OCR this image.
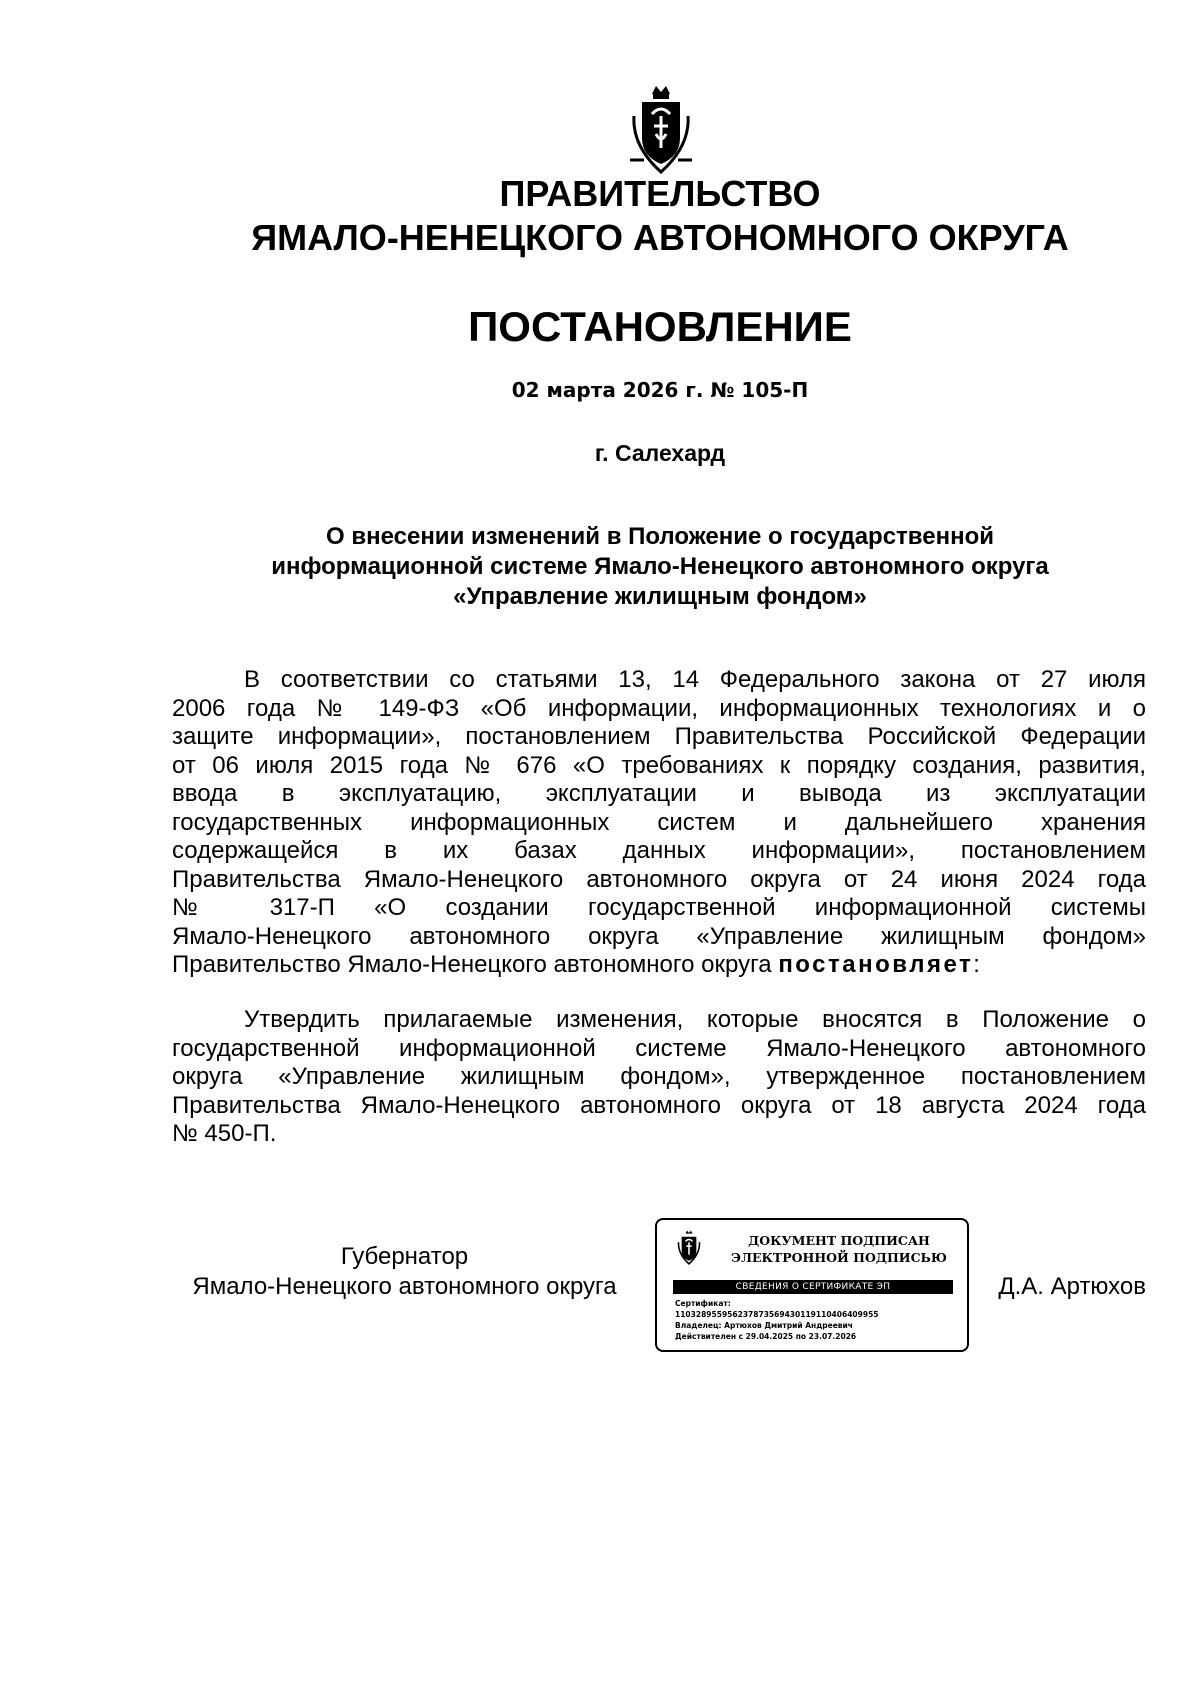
ПРАВИТЕЛЬСТВО
ЯМАЛО-НЕНЕЦКОГО АВТОНОМНОГО ОКРУГА
ПОСТАНОВЛЕНИЕ
02 марта 2026 г. № 105-П
г. Салехард
О внесении изменений в Положение о государственной
информационной системе Ямало-Ненецкого автономного округа
«Управление жилищным фондом»
В соответствии со статьями 13, 14 Федерального закона от 27 июля
2006 года № 149-ФЗ «Об информации, информационных технологиях и о
защите информации», постановлением Правительства Российской Федерации
от 06 июля 2015 года № 676 «О требованиях к порядку создания, развития,
ввода в эксплуатацию, эксплуатации и вывода из эксплуатации
государственных информационных систем и дальнейшего хранения
содержащейся в их базах данных информации», постановлением
Правительства Ямало-Ненецкого автономного округа от 24 июня 2024 года
№ 317-П «О создании государственной информационной системы
Ямало-Ненецкого автономного округа «Управление жилищным фондом»
Правительство Ямало-Ненецкого автономного округа постановляет:
Утвердить прилагаемые изменения, которые вносятся в Положение о
государственной информационной системе Ямало-Ненецкого автономного
округа «Управление жилищным фондом», утвержденное постановлением
Правительства Ямало-Ненецкого автономного округа от 18 августа 2024 года
№ 450-П.
Губернатор
Ямало-Ненецкого автономного округа
ДОКУМЕНТ ПОДПИСАН
ЭЛЕКТРОННОЙ ПОДПИСЬЮ
СВЕДЕНИЯ О СЕРТИФИКАТЕ ЭП
Сертификат:
110328955956237873569430119110406409955
Владелец: Артюхов Дмитрий Андреевич
Действителен с 29.04.2025 по 23.07.2026
Д.А. Артюхов
